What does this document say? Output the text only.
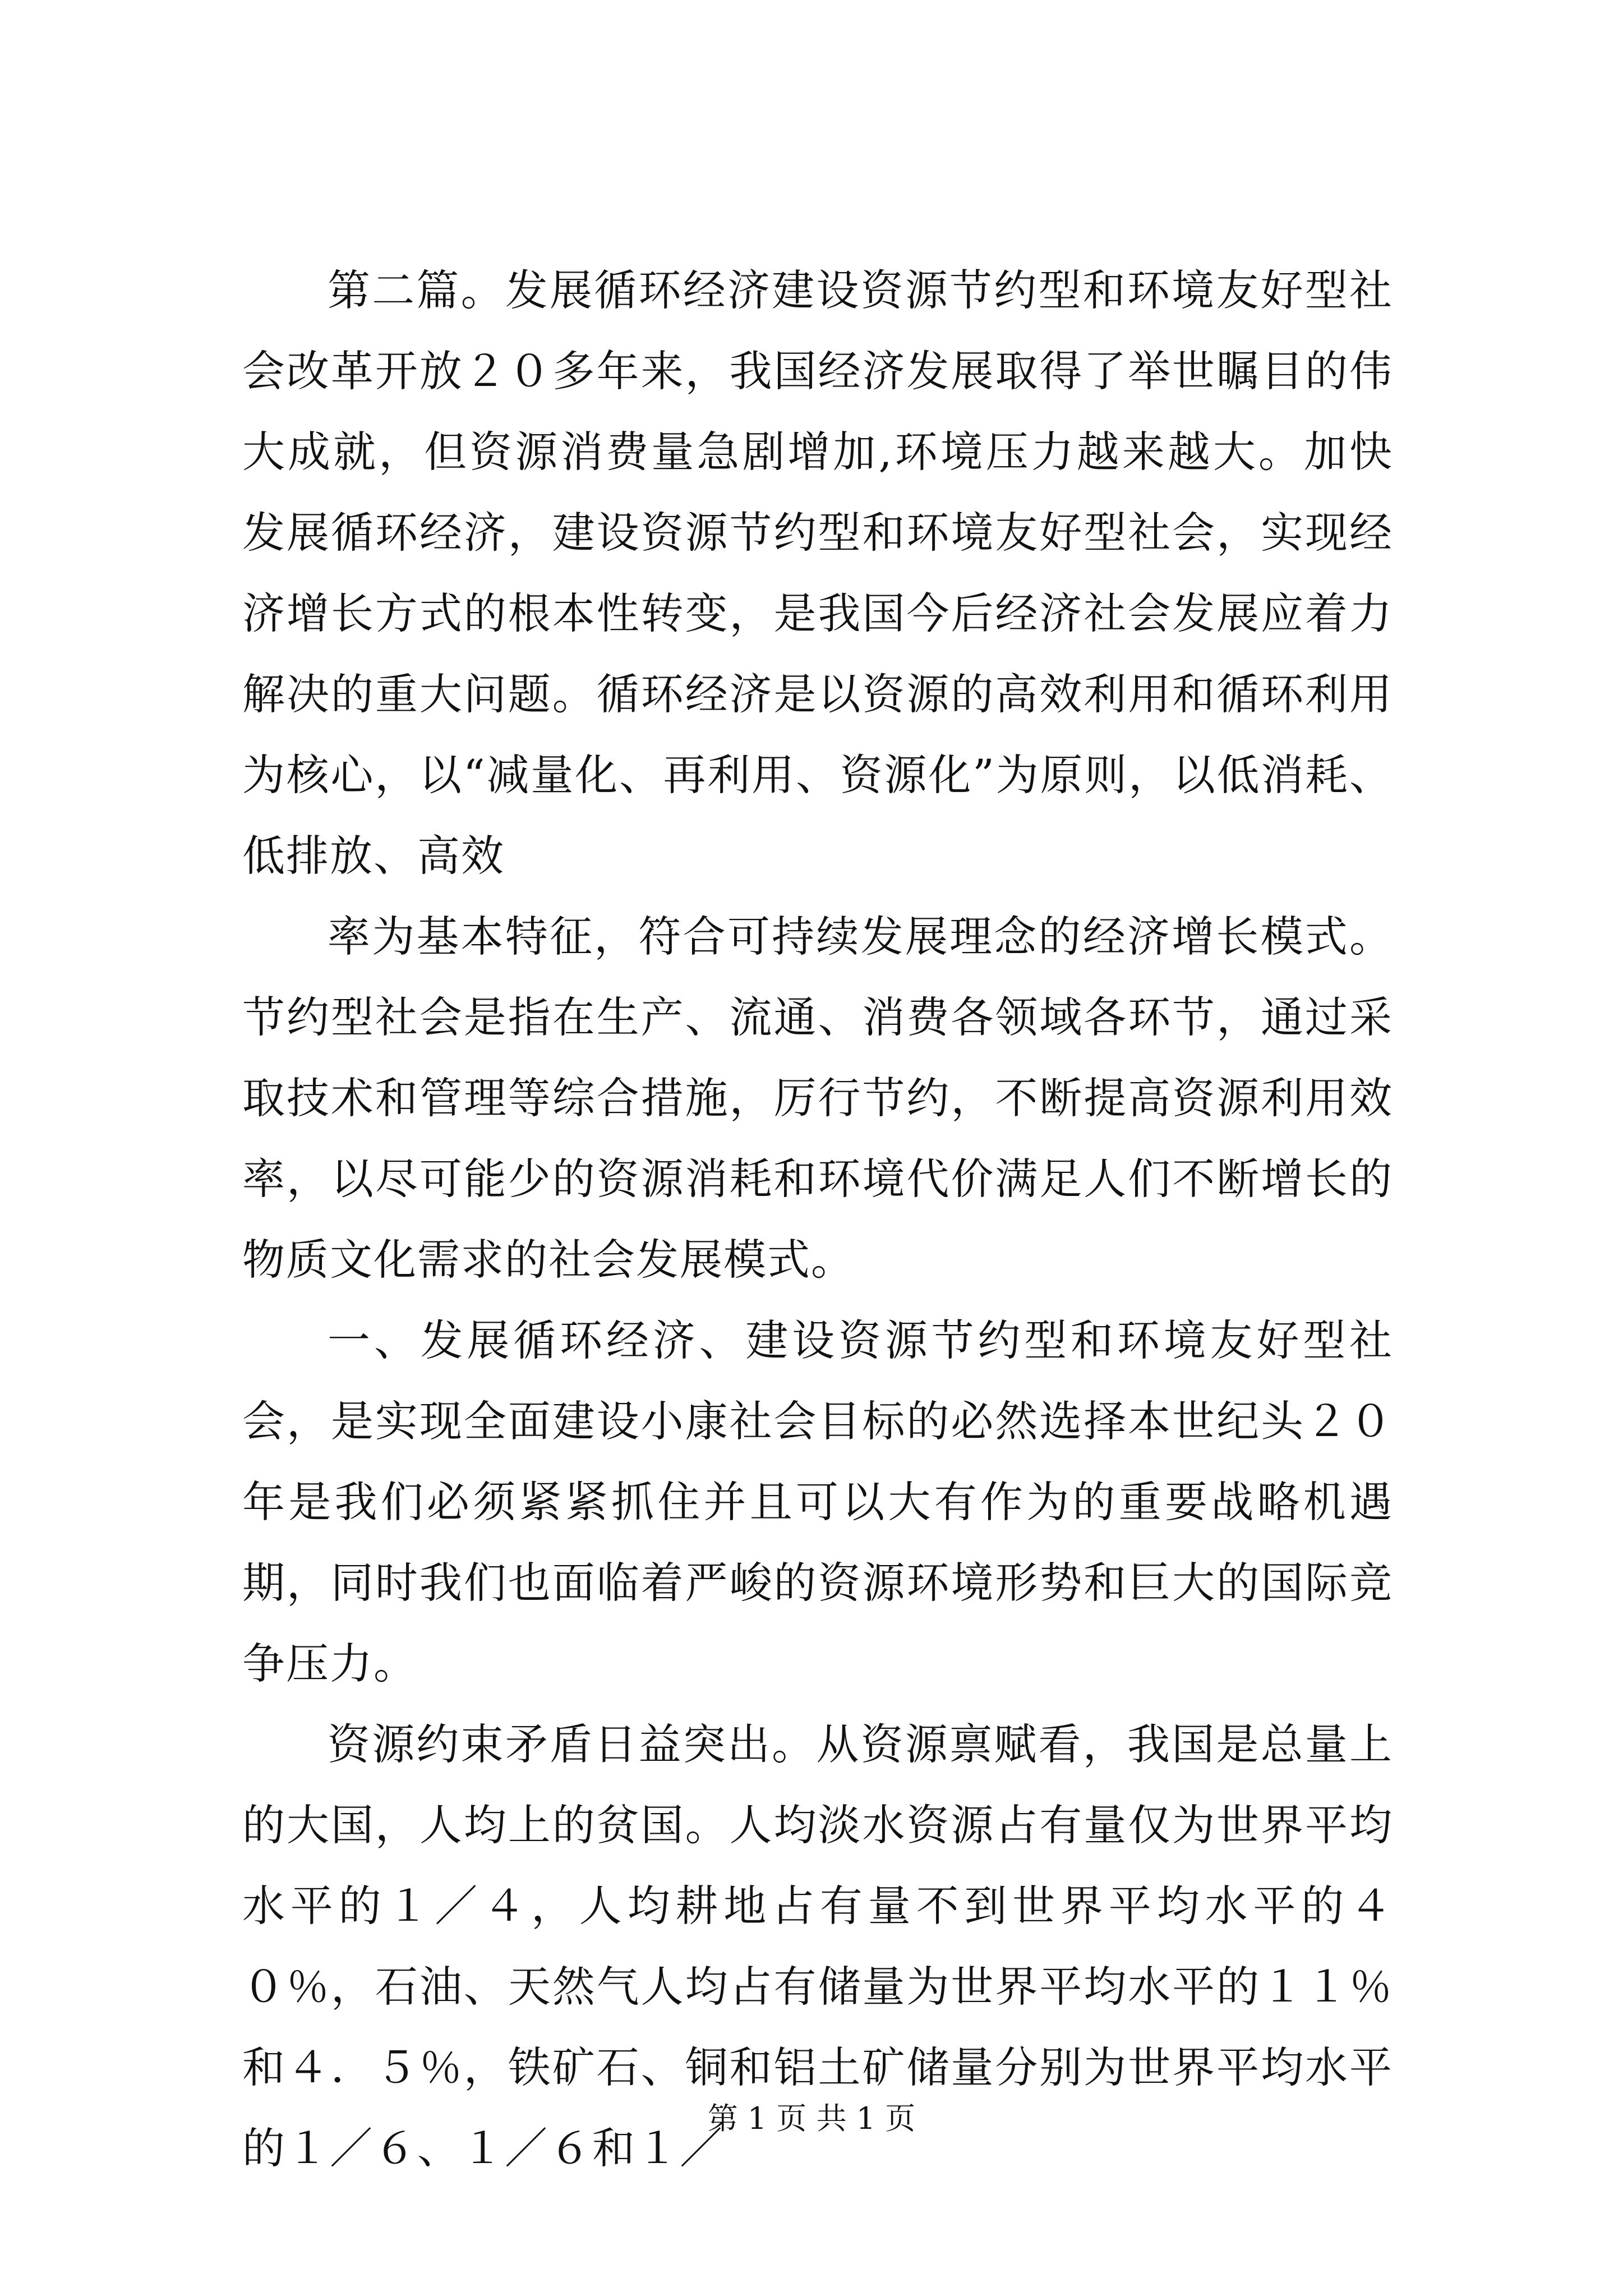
第二篇。发展循环经济建设资源节约型和环境友好型社会改革开放２０多年来，我国经济发展取得了举世瞩目的伟大成就，但资源消费量急剧增加,环境压力越来越大。加快发展循环经济，建设资源节约型和环境友好型社会，实现经济增长方式的根本性转变，是我国今后经济社会发展应着力解决的重大问题。循环经济是以资源的高效利用和循环利用为核心，以“减量化、再利用、资源化”为原则，以低消耗、低排放、高效

率为基本特征，符合可持续发展理念的经济增长模式。节约型社会是指在生产、流通、消费各领域各环节，通过采取技术和管理等综合措施，厉行节约，不断提高资源利用效率，以尽可能少的资源消耗和环境代价满足人们不断增长的物质文化需求的社会发展模式。

一、发展循环经济、建设资源节约型和环境友好型社会，是实现全面建设小康社会目标的必然选择本世纪头２０年是我们必须紧紧抓住并且可以大有作为的重要战略机遇期，同时我们也面临着严峻的资源环境形势和巨大的国际竞争压力。

资源约束矛盾日益突出。从资源禀赋看，我国是总量上的大国，人均上的贫国。人均淡水资源占有量仅为世界平均水平的１／４，人均耕地占有量不到世界平均水平的４０％，石油、天然气人均占有储量为世界平均水平的１１％和４．５％，铁矿石、铜和铝土矿储量分别为世界平均水平的１／６、１／６和１／

第 1 页 共 1 页
